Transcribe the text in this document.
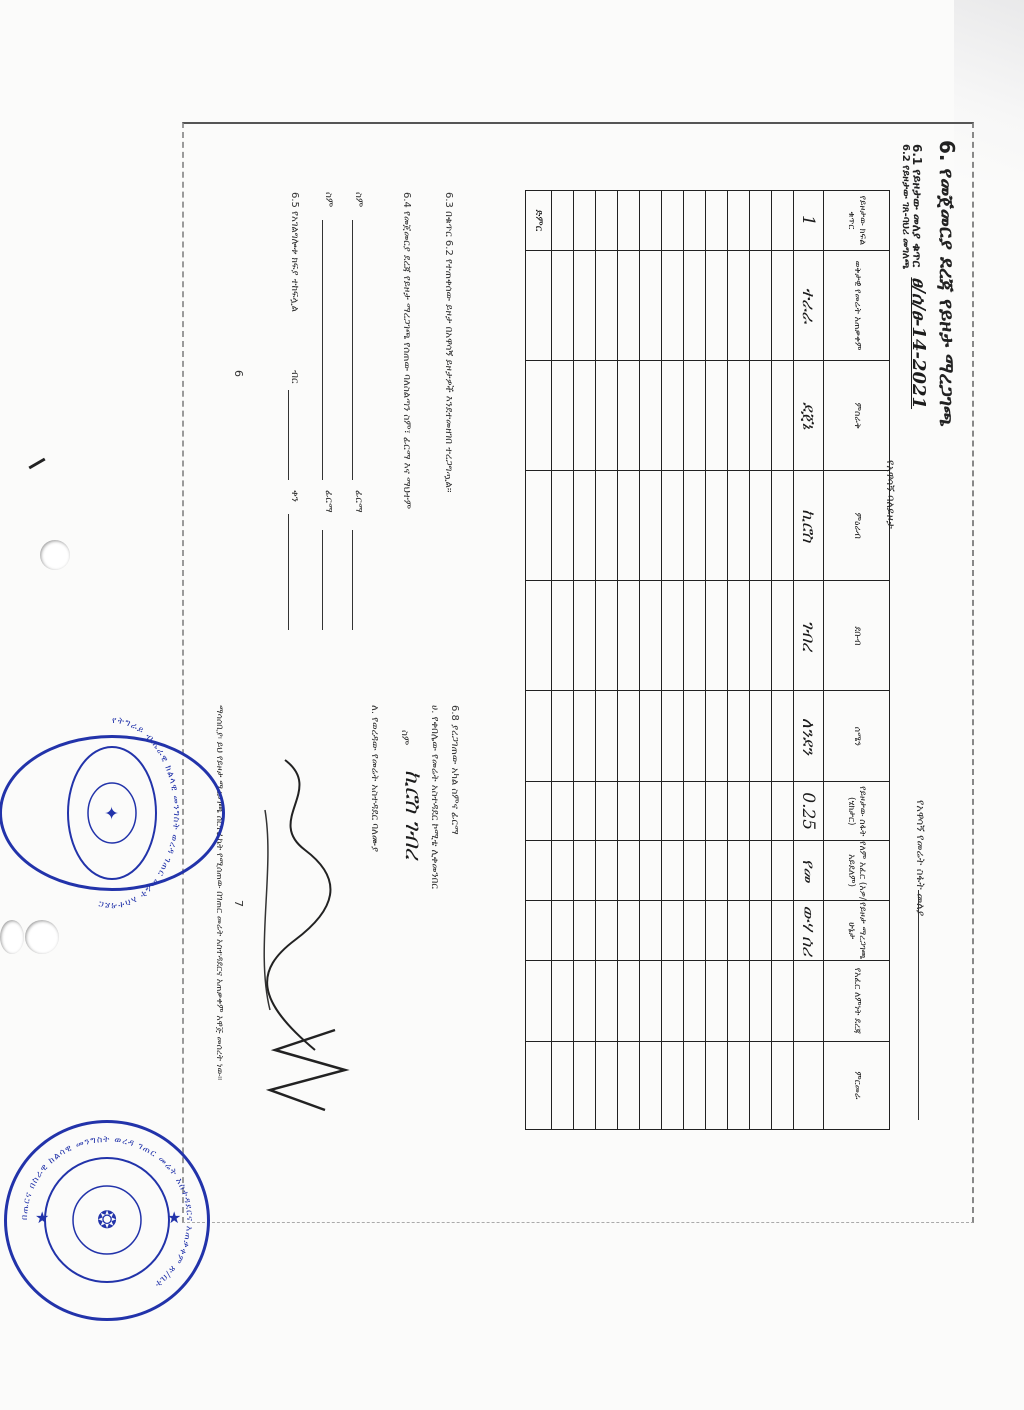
6. የመጀመርያ ደረጃ የይዞታ ማረጋገጫ
6.1 የይዞታው መለያ ቁጥር ፀ/ሰ/ፀ-14-2021
6.2 የይዞታው ገጸ-ባህሪ መግለጫ
የአዋሳኝ ባለይዞታ
የአዋሳኝ የመሬት ስፋት መለያ
የይዞታው ክፍል ቁጥር	ወቅታዊ የመሬት አጠቃቀም	ምስራቅ	ምዕራብ	ደቡብ	ሰሜን	የይዞታው ስፋት (ሄክታር)	የለም አፈር (አዎ/አይደለም)	የይዞታ ማረጋገጫ ሁኔታ	የአፈር ለምነት ደረጃ	ምርመራ
1	ተራራ	ደጀኔ	ኪሮስ	ገብረ	ለንደን	0.25	የመ	ውሃ ሰሪ		

ድምር										
6.3 በቁጥር 6.2 የተጠቀሰው ይዞታ በአዋሳኝ ይዞታዎች እንደተመዘገበ ተረጋግጧል።
6.4 የመጀመርያ ደረጃ የይዞታ ማረጋገጫ የሰጠው ባለስልጣን ስም፣ ፊርማ እና ማህተም
ስም
ፊርማ
ስም
ፊርማ
6.5 የአገልግሎቱ ክፍያ ተከፍሏል
ብር
ቀን
6
6.8 ያረጋገጠው አካል ስምና ፊርማ
ሀ. የቀበሌው የመሬት አስተዳደር ኮሚቴ ሊቀመንበር
ስም
ኪሮስ ገብረ
ለ. የወረዳው የመሬት አስተዳደር ባለሙያ
ማሳሰቢያ፡ ይህ የይዞታ ማረጋገጫ ሰርተፊኬት የሚሰጠው በገጠር መሬት አስተዳደርና አጠቃቀም አዋጅ መሰረት ነው። 7
የትግራይ ብሔራዊ ክልላዊ መንግስት ወረዳ ገጠር መሬት አስተዳደር
✦
በጤርና በስራዊ ከልሳዊ መንግስት ወረዳ ገጠር መሬት አስተዳደርና አጠቃቀም ጽ/ቤት
❂
★	★
